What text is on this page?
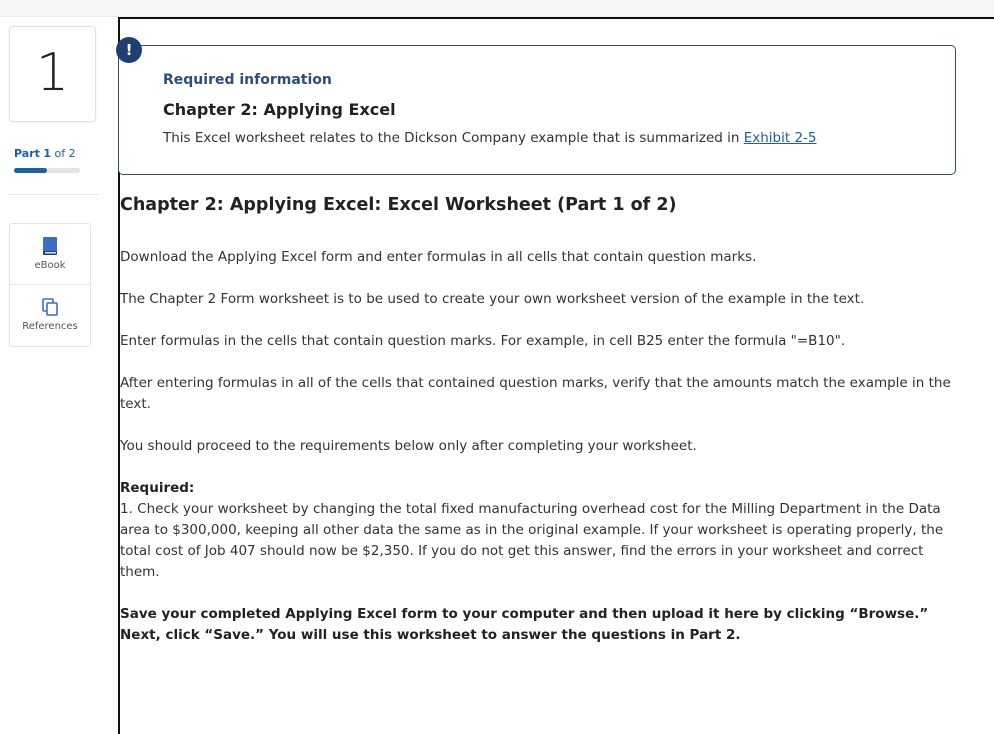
1
Part 1 of 2
eBook
References
!
Required information
Chapter 2: Applying Excel
This Excel worksheet relates to the Dickson Company example that is summarized in Exhibit 2-5
Chapter 2: Applying Excel: Excel Worksheet (Part 1 of 2)

Download the Applying Excel form and enter formulas in all cells that contain question marks.

The Chapter 2 Form worksheet is to be used to create your own worksheet version of the example in the text.

Enter formulas in the cells that contain question marks. For example, in cell B25 enter the formula "=B10".

After entering formulas in all of the cells that contained question marks, verify that the amounts match the example in the text.

You should proceed to the requirements below only after completing your worksheet.

Required:

1. Check your worksheet by changing the total fixed manufacturing overhead cost for the Milling Department in the Data area to $300,000, keeping all other data the same as in the original example. If your worksheet is operating properly, the total cost of Job 407 should now be $2,350. If you do not get this answer, find the errors in your worksheet and correct them.

Save your completed Applying Excel form to your computer and then upload it here by clicking “Browse.” Next, click “Save.” You will use this worksheet to answer the questions in Part 2.
